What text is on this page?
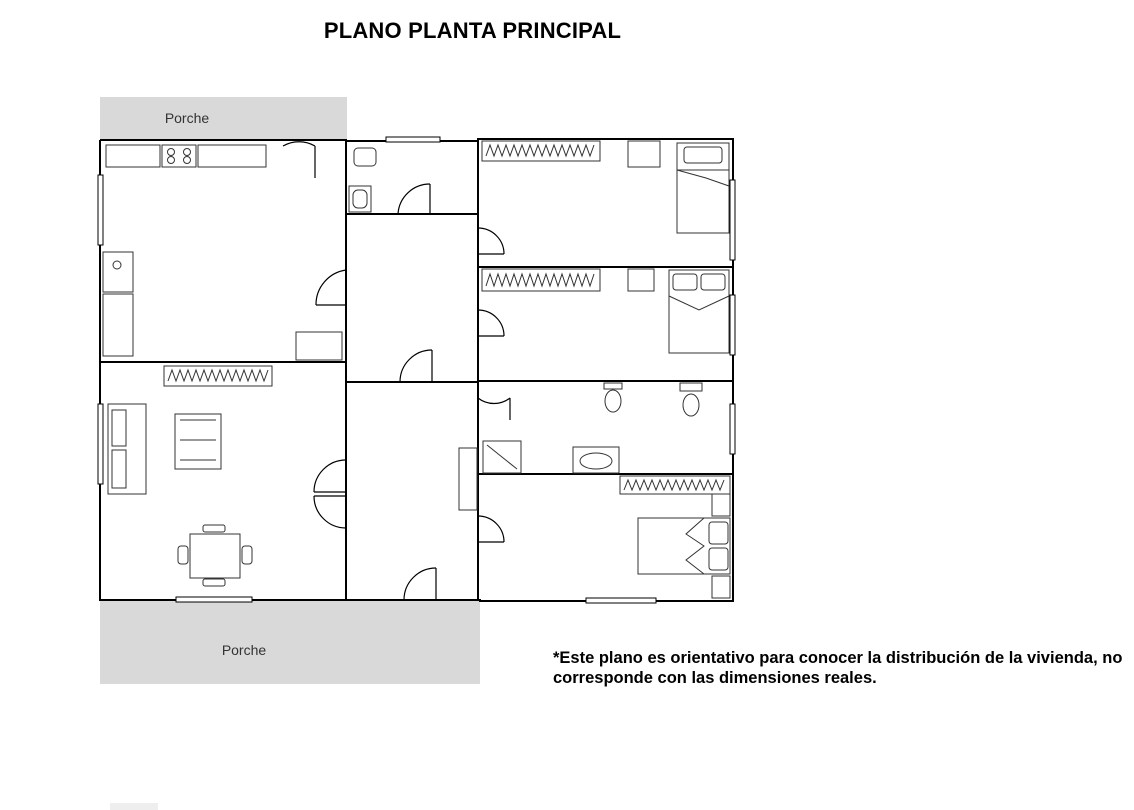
PLANO PLANTA PRINCIPAL
Porche
Porche	*Este plano es orientativo para conocer la distribución de la vivienda, no corresponde con las dimensiones reales.
